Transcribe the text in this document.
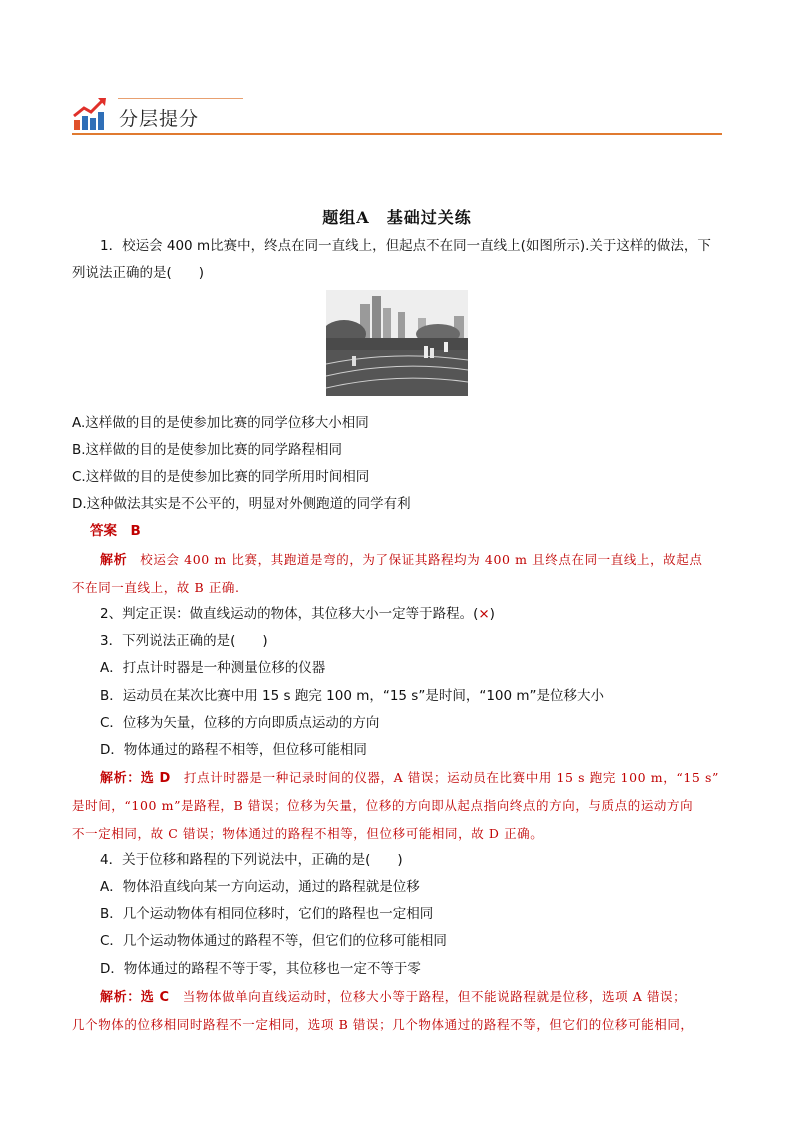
分层提分

题组A　基础过关练

1．校运会 400 m比赛中，终点在同一直线上，但起点不在同一直线上(如图所示).关于这样的做法，下

列说法正确的是(　　)

A.这样做的目的是使参加比赛的同学位移大小相同

B.这样做的目的是使参加比赛的同学路程相同

C.这样做的目的是使参加比赛的同学所用时间相同

D.这种做法其实是不公平的，明显对外侧跑道的同学有利

答案　B

解析　校运会 400 m 比赛，其跑道是弯的，为了保证其路程均为 400 m 且终点在同一直线上，故起点

不在同一直线上，故 B 正确.

2、判定正误：做直线运动的物体，其位移大小一定等于路程。(×)

3．下列说法正确的是(　　)

A．打点计时器是一种测量位移的仪器

B．运动员在某次比赛中用 15 s 跑完 100 m，“15 s”是时间，“100 m”是位移大小

C．位移为矢量，位移的方向即质点运动的方向

D．物体通过的路程不相等，但位移可能相同

解析：选 D　打点计时器是一种记录时间的仪器，A 错误；运动员在比赛中用 15 s 跑完 100 m，“15 s”

是时间，“100 m”是路程，B 错误；位移为矢量，位移的方向即从起点指向终点的方向，与质点的运动方向

不一定相同，故 C 错误；物体通过的路程不相等，但位移可能相同，故 D 正确。

4．关于位移和路程的下列说法中，正确的是(　　)

A．物体沿直线向某一方向运动，通过的路程就是位移

B．几个运动物体有相同位移时，它们的路程也一定相同

C．几个运动物体通过的路程不等，但它们的位移可能相同

D．物体通过的路程不等于零，其位移也一定不等于零

解析：选 C　当物体做单向直线运动时，位移大小等于路程，但不能说路程就是位移，选项 A 错误；

几个物体的位移相同时路程不一定相同，选项 B 错误；几个物体通过的路程不等，但它们的位移可能相同，
